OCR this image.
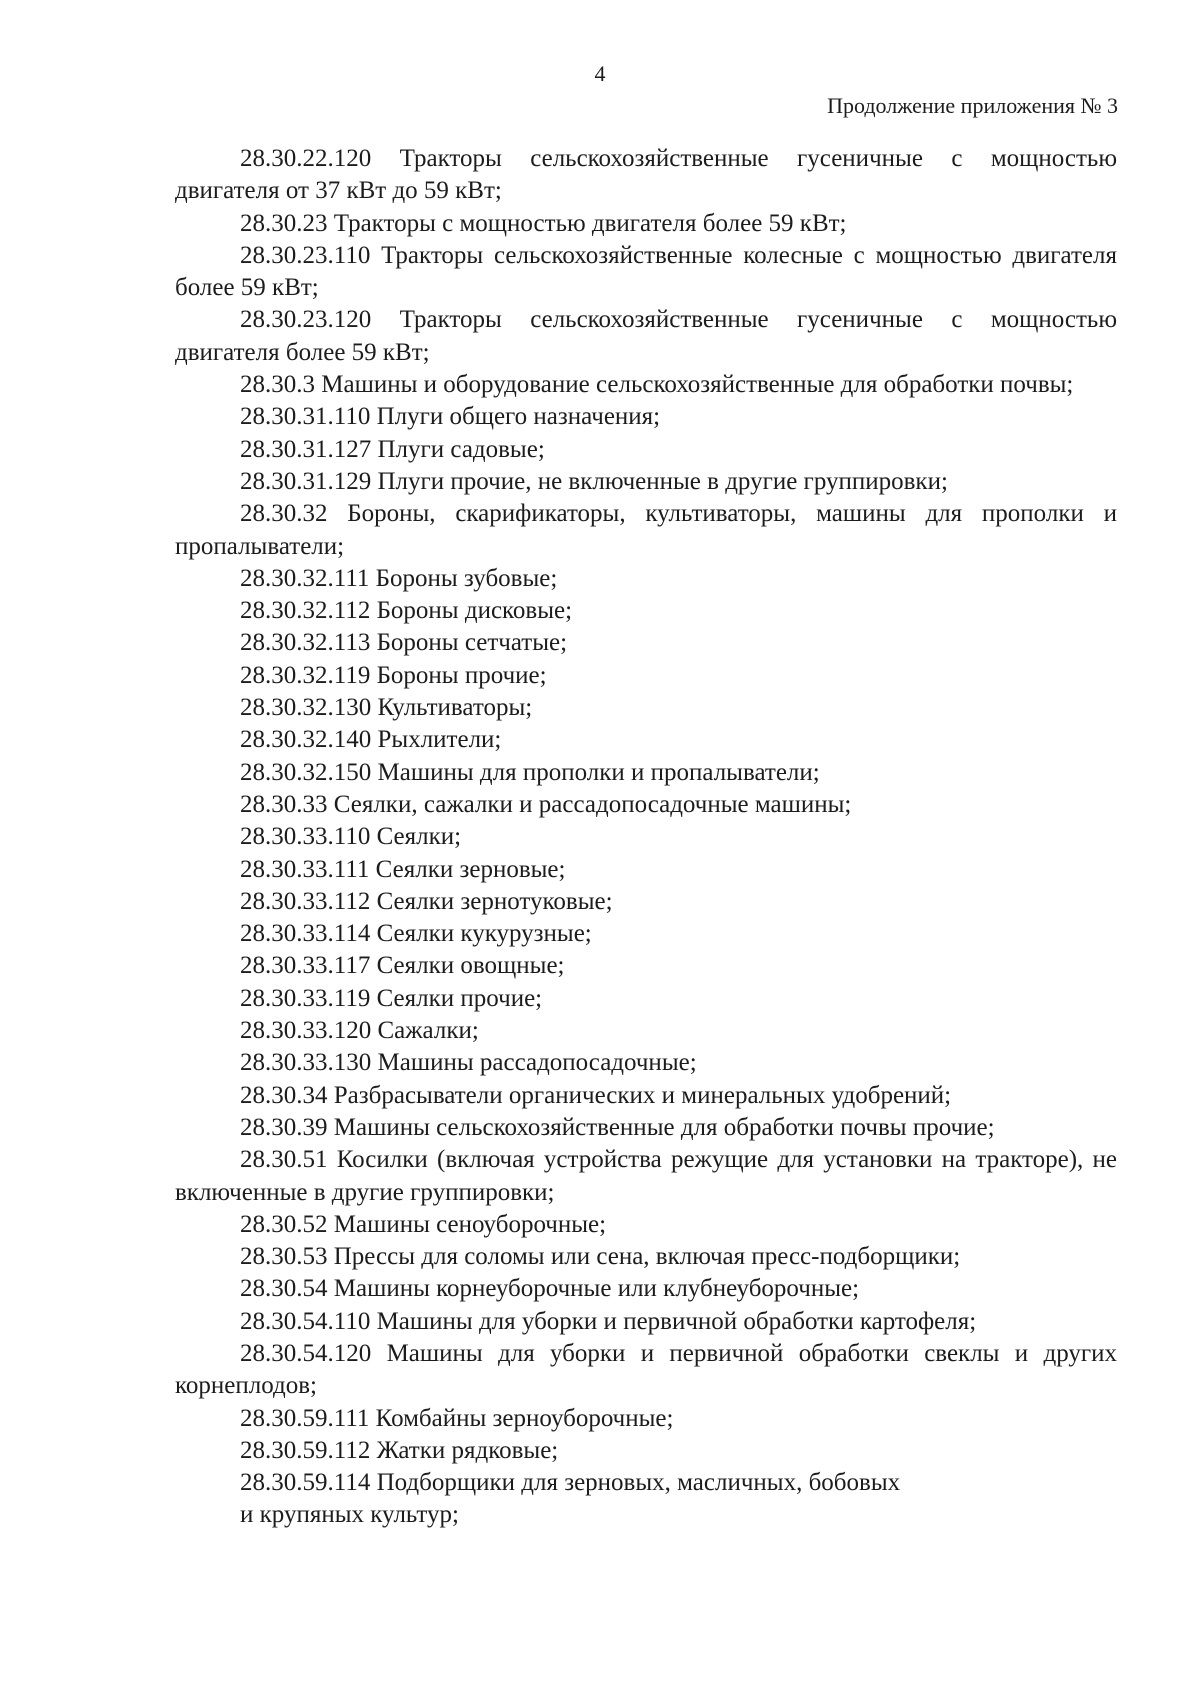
4
Продолжение приложения № 3

28.30.22.120 Тракторы сельскохозяйственные гусеничные с мощностью двигателя от 37 кВт до 59 кВт;

28.30.23 Тракторы с мощностью двигателя более 59 кВт;

28.30.23.110 Тракторы сельскохозяйственные колесные с мощностью двигателя более 59 кВт;

28.30.23.120 Тракторы сельскохозяйственные гусеничные с мощностью двигателя более 59 кВт;

28.30.3 Машины и оборудование сельскохозяйственные для обработки почвы;

28.30.31.110 Плуги общего назначения;

28.30.31.127 Плуги садовые;

28.30.31.129 Плуги прочие, не включенные в другие группировки;

28.30.32 Бороны, скарификаторы, культиваторы, машины для прополки и пропалыватели;

28.30.32.111 Бороны зубовые;

28.30.32.112 Бороны дисковые;

28.30.32.113 Бороны сетчатые;

28.30.32.119 Бороны прочие;

28.30.32.130 Культиваторы;

28.30.32.140 Рыхлители;

28.30.32.150 Машины для прополки и пропалыватели;

28.30.33 Сеялки, сажалки и рассадопосадочные машины;

28.30.33.110 Сеялки;

28.30.33.111 Сеялки зерновые;

28.30.33.112 Сеялки зернотуковые;

28.30.33.114 Сеялки кукурузные;

28.30.33.117 Сеялки овощные;

28.30.33.119 Сеялки прочие;

28.30.33.120 Сажалки;

28.30.33.130 Машины рассадопосадочные;

28.30.34 Разбрасыватели органических и минеральных удобрений;

28.30.39 Машины сельскохозяйственные для обработки почвы прочие;

28.30.51 Косилки (включая устройства режущие для установки на тракторе), не включенные в другие группировки;

28.30.52 Машины сеноуборочные;

28.30.53 Прессы для соломы или сена, включая пресс-подборщики;

28.30.54 Машины корнеуборочные или клубнеуборочные;

28.30.54.110 Машины для уборки и первичной обработки картофеля;

28.30.54.120 Машины для уборки и первичной обработки свеклы и других корнеплодов;

28.30.59.111 Комбайны зерноуборочные;

28.30.59.112 Жатки рядковые;

28.30.59.114 Подборщики для зерновых, масличных, бобовых

и крупяных культур;
